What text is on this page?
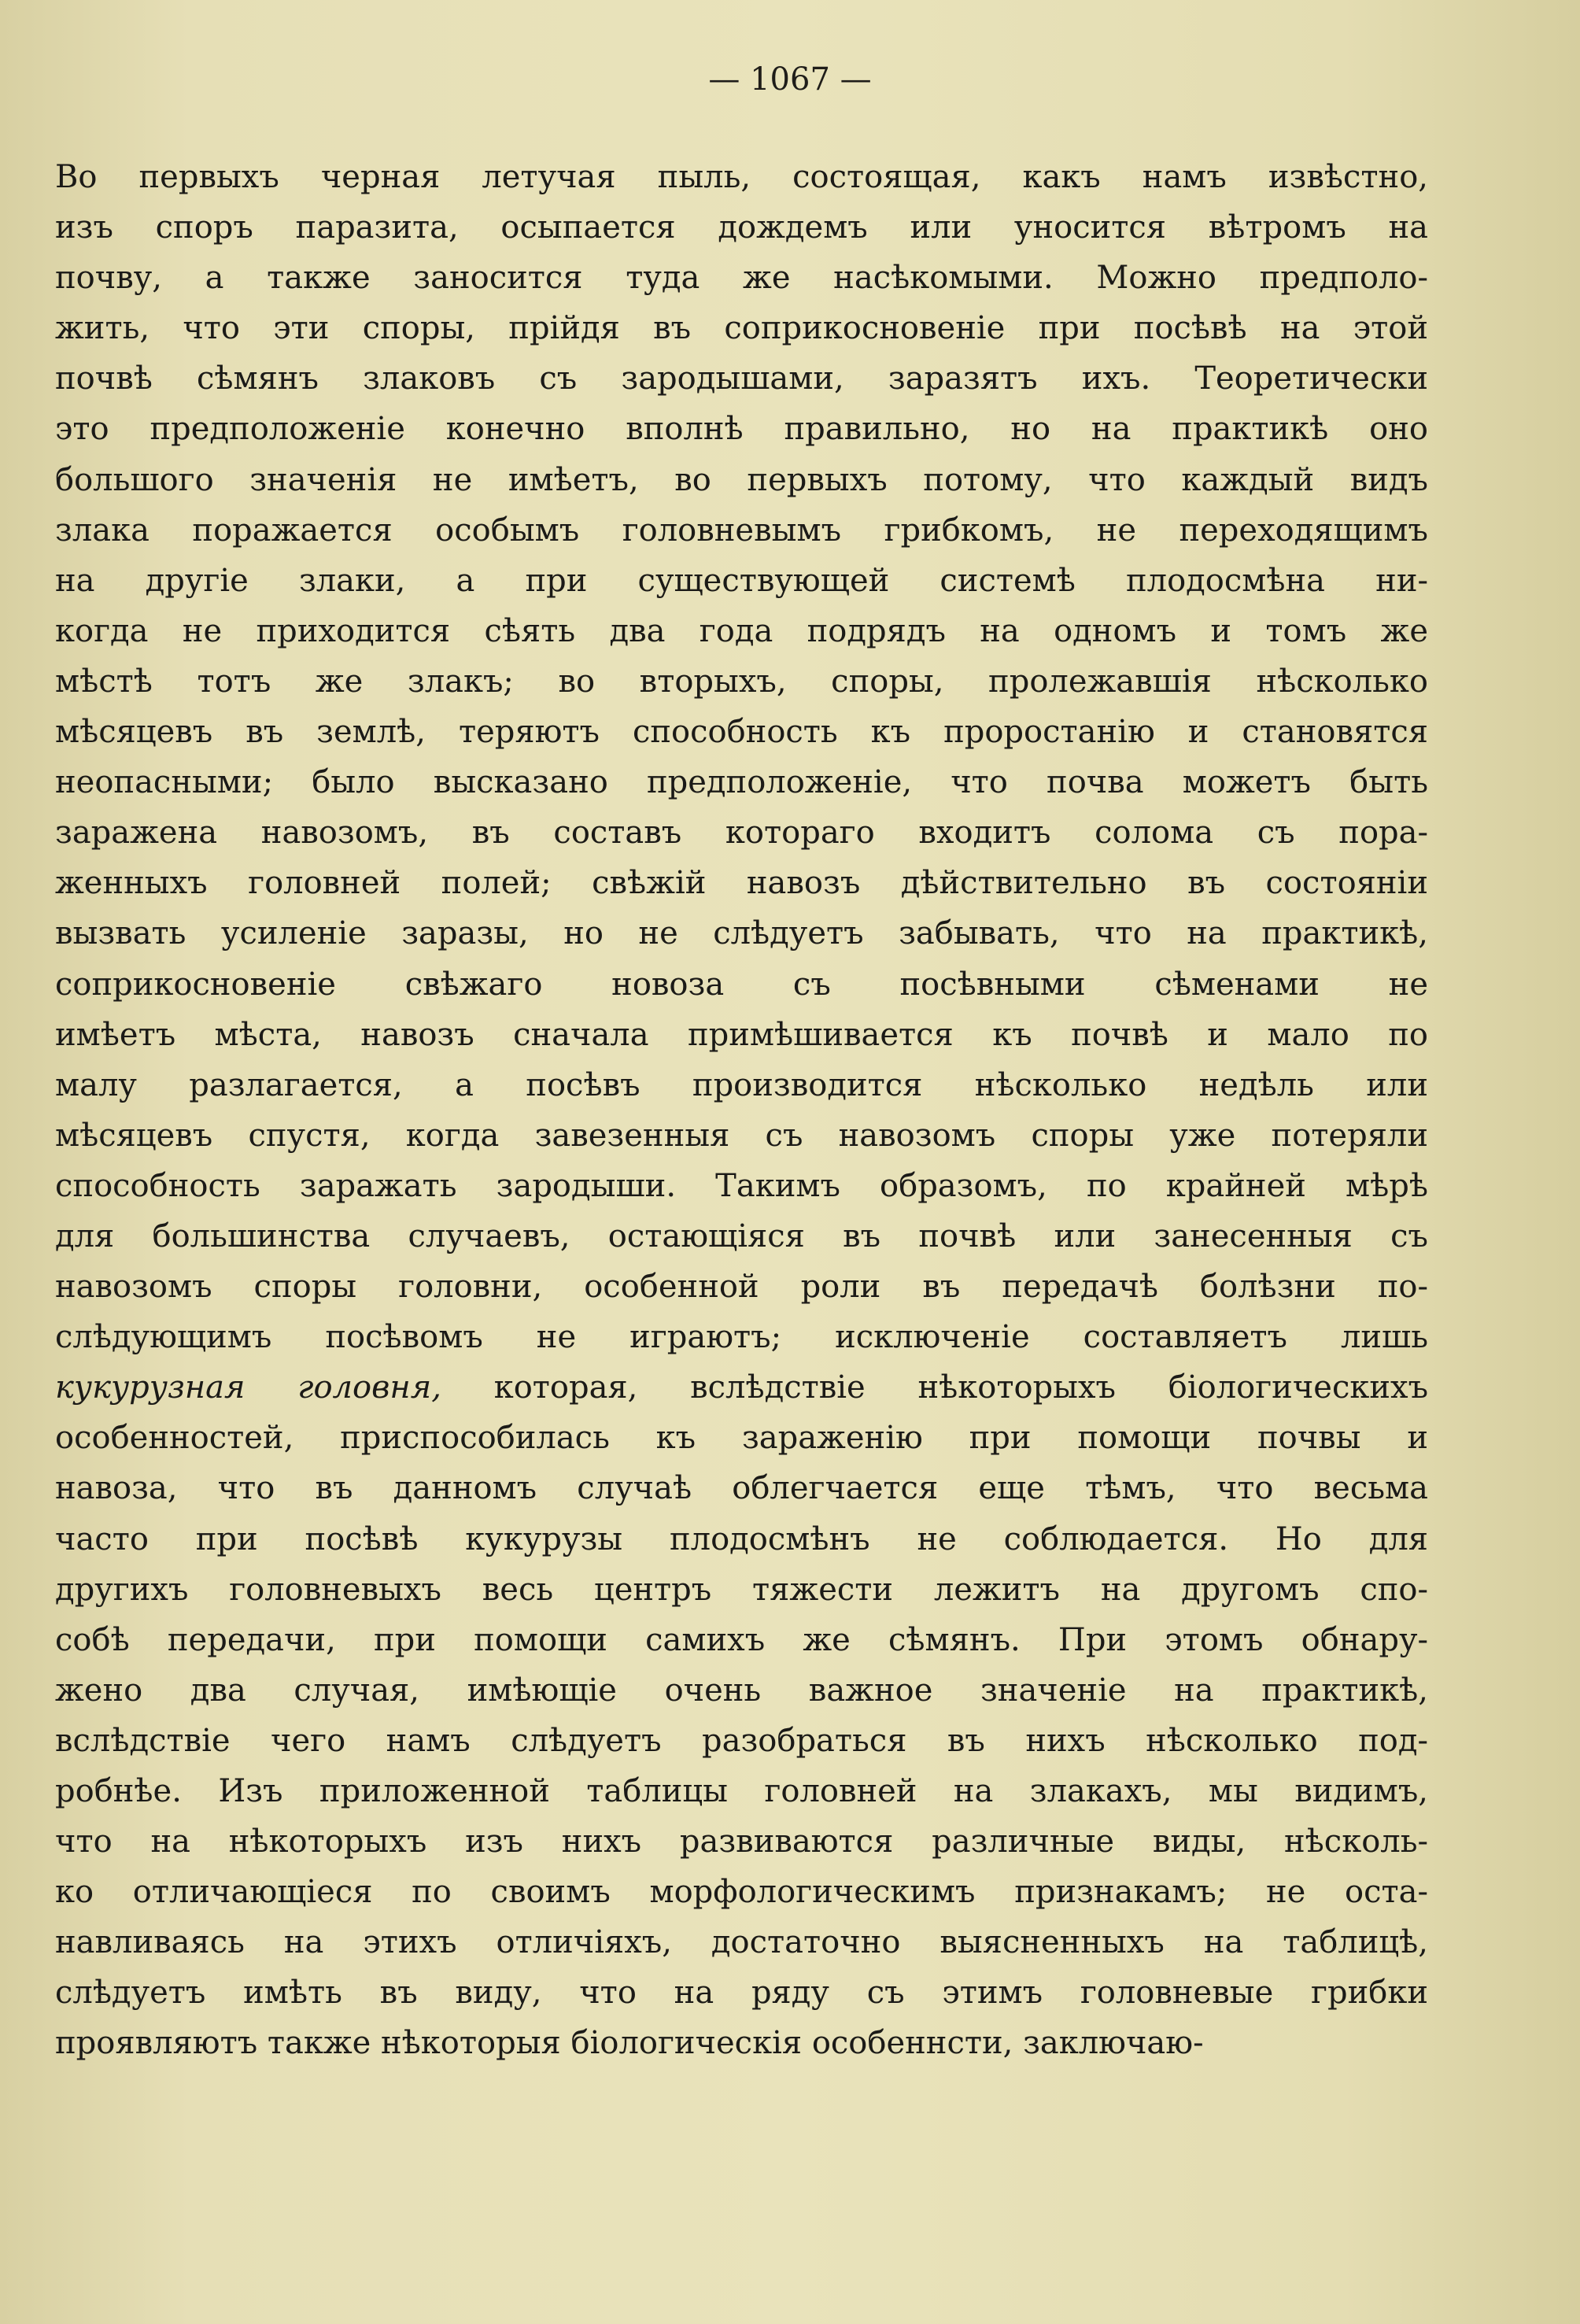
— 1067 —
Во первыхъ черная летучая пыль, состоящая, какъ намъ извѣстно,
изъ споръ паразита, осыпается дождемъ или уносится вѣтромъ на
почву, а также заносится туда же насѣкомыми. Можно предполо-
жить, что эти споры, прійдя въ соприкосновеніе при посѣвѣ на этой
почвѣ сѣмянъ злаковъ съ зародышами, заразятъ ихъ. Теоретически
это предположеніе конечно вполнѣ правильно, но на практикѣ оно
большого значенія не имѣетъ, во первыхъ потому, что каждый видъ
злака поражается особымъ головневымъ грибкомъ, не переходящимъ
на другіе злаки, а при существующей системѣ плодосмѣна ни-
когда не приходится сѣять два года подрядъ на одномъ и томъ же
мѣстѣ тотъ же злакъ; во вторыхъ, споры, пролежавшія нѣсколько
мѣсяцевъ въ землѣ, теряютъ способность къ проростанію и становятся
неопасными; было высказано предположеніе, что почва можетъ быть
заражена навозомъ, въ составъ котораго входитъ солома съ пора-
женныхъ головней полей; свѣжій навозъ дѣйствительно въ состояніи
вызвать усиленіе заразы, но не слѣдуетъ забывать, что на практикѣ,
соприкосновеніе свѣжаго новоза съ посѣвными сѣменами не
имѣетъ мѣста, навозъ сначала примѣшивается къ почвѣ и мало по
малу разлагается, а посѣвъ производится нѣсколько недѣль или
мѣсяцевъ спустя, когда завезенныя съ навозомъ споры уже потеряли
способность заражать зародыши. Такимъ образомъ, по крайней мѣрѣ
для большинства случаевъ, остающіяся въ почвѣ или занесенныя съ
навозомъ споры головни, особенной роли въ передачѣ болѣзни по-
слѣдующимъ посѣвомъ не играютъ; исключеніе составляетъ лишь
кукурузная головня, которая, вслѣдствіе нѣкоторыхъ біологическихъ
особенностей, приспособилась къ зараженію при помощи почвы и
навоза, что въ данномъ случаѣ облегчается еще тѣмъ, что весьма
часто при посѣвѣ кукурузы плодосмѣнъ не соблюдается. Но для
другихъ головневыхъ весь центръ тяжести лежитъ на другомъ спо-
собѣ передачи, при помощи самихъ же сѣмянъ. При этомъ обнару-
жено два случая, имѣющіе очень важное значеніе на практикѣ,
вслѣдствіе чего намъ слѣдуетъ разобраться въ нихъ нѣсколько под-
робнѣе. Изъ приложенной таблицы головней на злакахъ, мы видимъ,
что на нѣкоторыхъ изъ нихъ развиваются различные виды, нѣсколь-
ко отличающіеся по своимъ морфологическимъ признакамъ; не оста-
навливаясь на этихъ отличіяхъ, достаточно выясненныхъ на таблицѣ,
слѣдуетъ имѣть въ виду, что на ряду съ этимъ головневые грибки
проявляютъ также нѣкоторыя біологическія особеннсти, заключаю-
